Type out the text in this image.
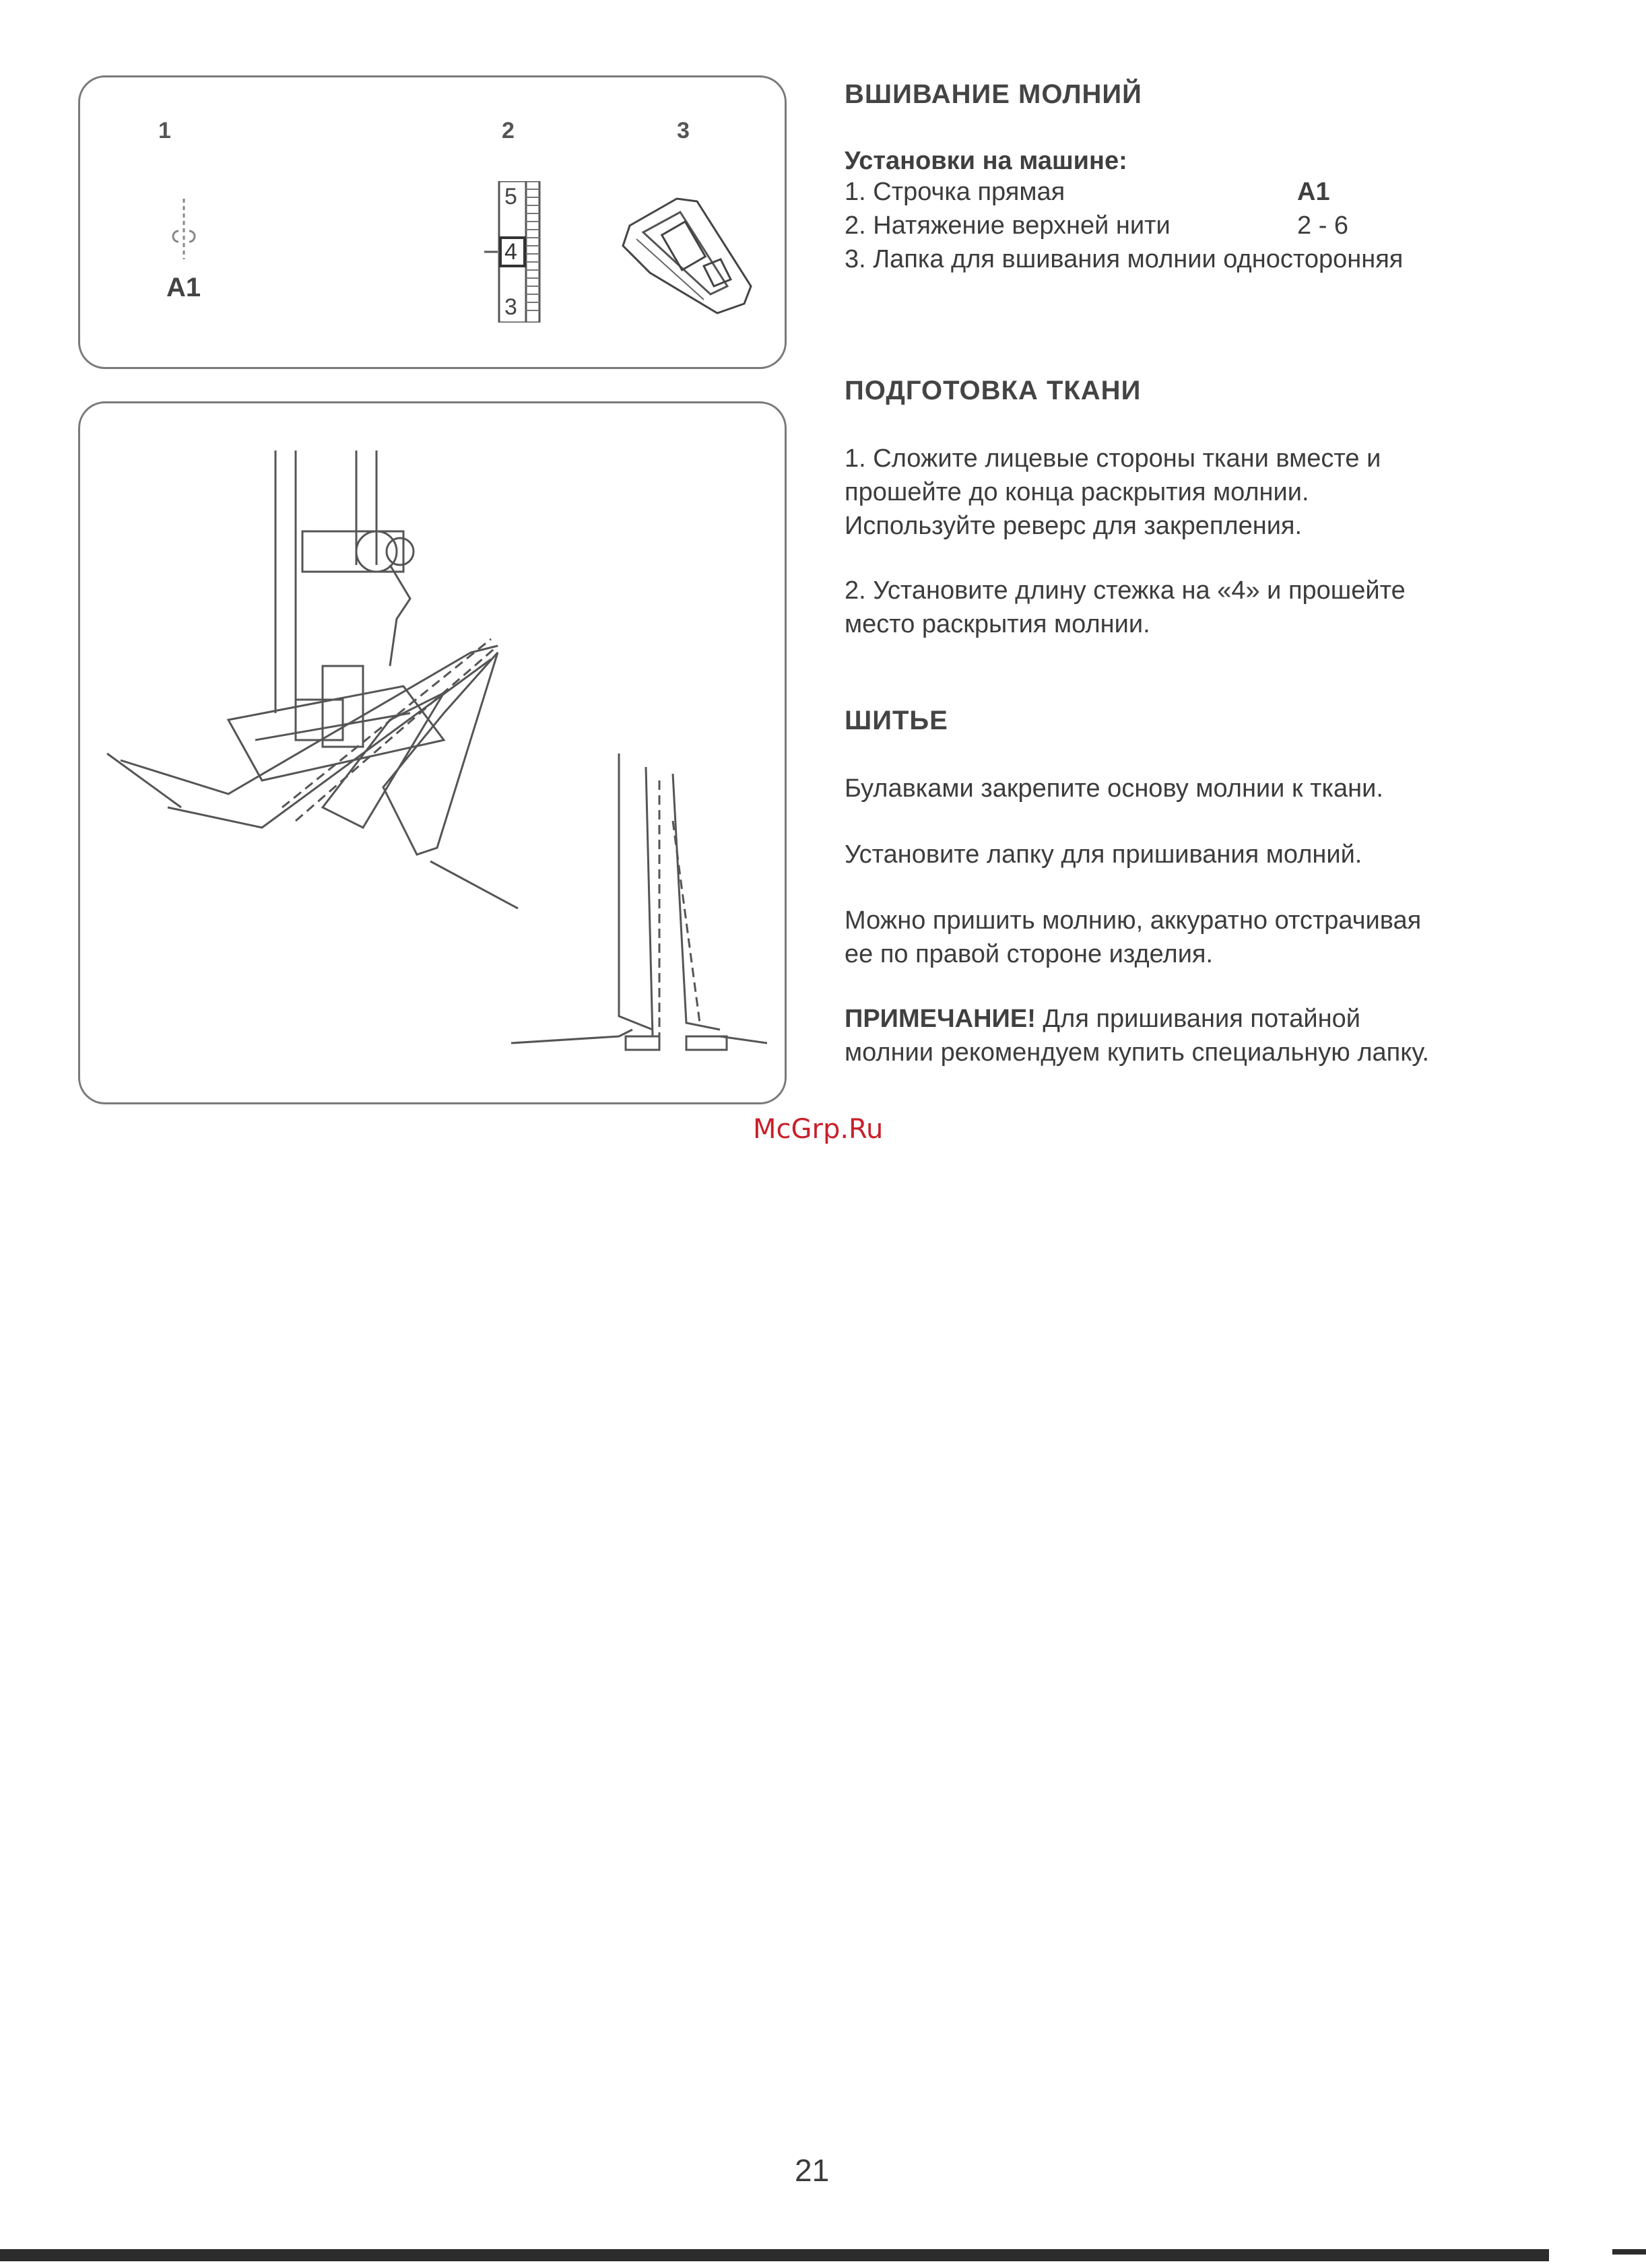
1	2	3
A1
5
4
3
ВШИВАНИЕ МОЛНИЙ
Установки на машине:
1. Строчка прямая	A1
2. Натяжение верхней нити	2 - 6
3. Лапка для вшивания молнии односторонняя
ПОДГОТОВКА ТКАНИ
1. Сложите лицевые стороны ткани вместе и
прошейте до конца раскрытия молнии.
Используйте реверс для закрепления.
2. Установите длину стежка на «4» и прошейте
место раскрытия молнии.
ШИТЬЕ
Булавками закрепите основу молнии к ткани.
Установите лапку для пришивания молний.
Можно пришить молнию, аккуратно отстрачивая
ее по правой стороне изделия.
ПРИМЕЧАНИЕ! Для пришивания потайной
молнии рекомендуем купить специальную лапку.
McGrp.Ru
21
